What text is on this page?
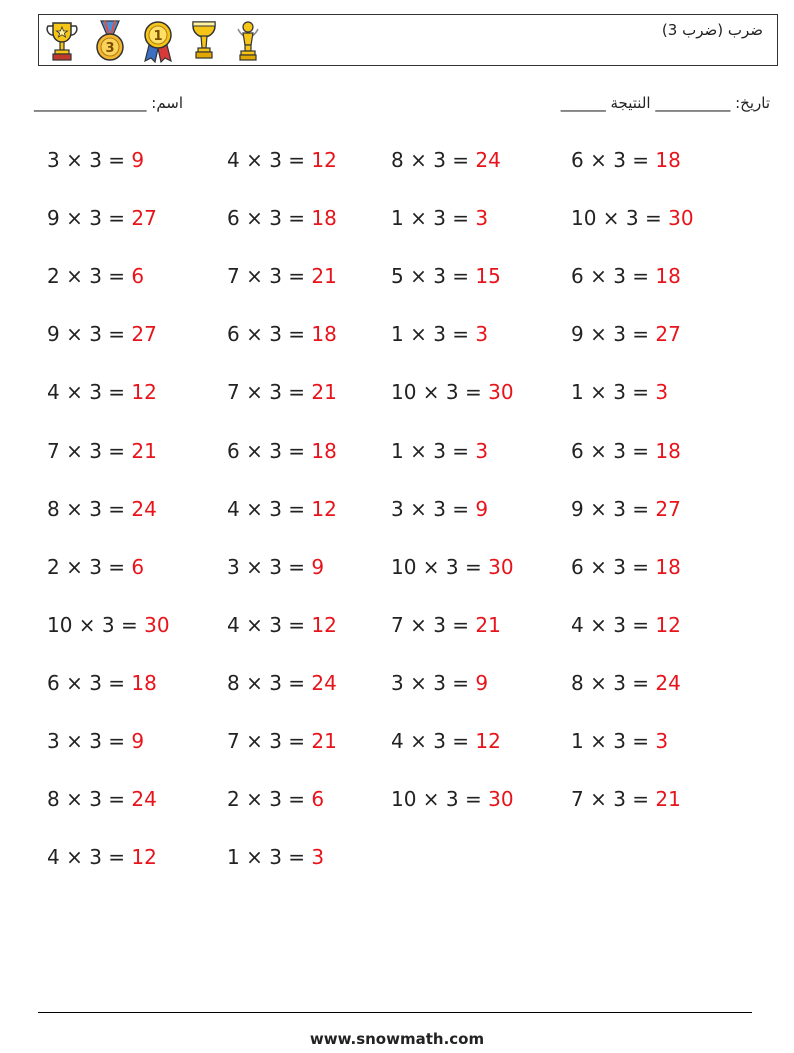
3
1	ضرب (ضرب 3)
اسم: _______________	تاريخ: __________ النتيجة ______
3 × 3 = 9	4 × 3 = 12	8 × 3 = 24	6 × 3 = 18
9 × 3 = 27	6 × 3 = 18	1 × 3 = 3	10 × 3 = 30
2 × 3 = 6	7 × 3 = 21	5 × 3 = 15	6 × 3 = 18
9 × 3 = 27	6 × 3 = 18	1 × 3 = 3	9 × 3 = 27
4 × 3 = 12	7 × 3 = 21	10 × 3 = 30	1 × 3 = 3
7 × 3 = 21	6 × 3 = 18	1 × 3 = 3	6 × 3 = 18
8 × 3 = 24	4 × 3 = 12	3 × 3 = 9	9 × 3 = 27
2 × 3 = 6	3 × 3 = 9	10 × 3 = 30	6 × 3 = 18
10 × 3 = 30	4 × 3 = 12	7 × 3 = 21	4 × 3 = 12
6 × 3 = 18	8 × 3 = 24	3 × 3 = 9	8 × 3 = 24
3 × 3 = 9	7 × 3 = 21	4 × 3 = 12	1 × 3 = 3
8 × 3 = 24	2 × 3 = 6	10 × 3 = 30	7 × 3 = 21
4 × 3 = 12	1 × 3 = 3
www.snowmath.com
